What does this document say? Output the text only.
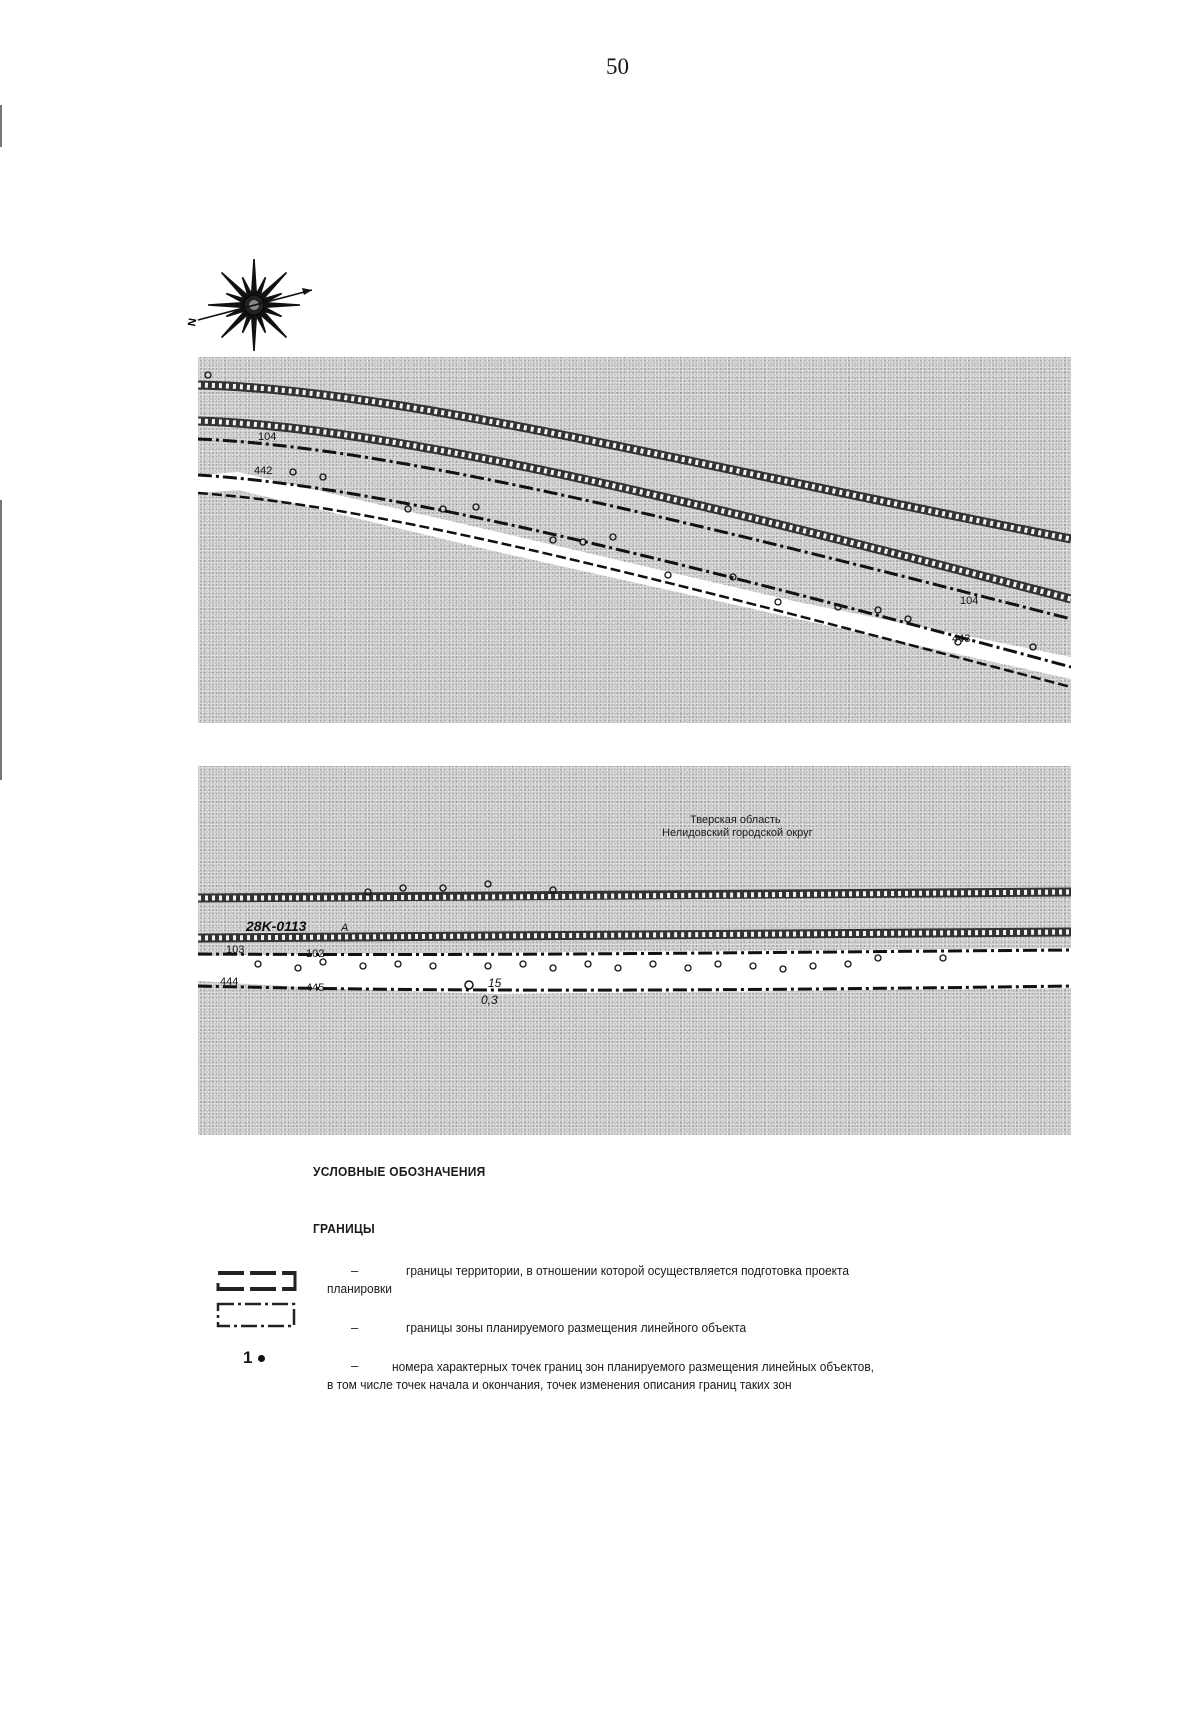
50
N
104
442
104
443
Тверская область
Нелидовский городской округ
28K-0113	А
103	102
444	445	15
0,3
УСЛОВНЫЕ ОБОЗНАЧЕНИЯ
ГРАНИЦЫ
–	границы территории, в отношении которой осуществляется подготовка проекта
планировки
–	границы зоны планируемого размещения линейного объекта
1	–	номера характерных точек границ зон планируемого размещения линейных объектов,
в том числе точек начала и окончания, точек изменения описания границ таких зон
